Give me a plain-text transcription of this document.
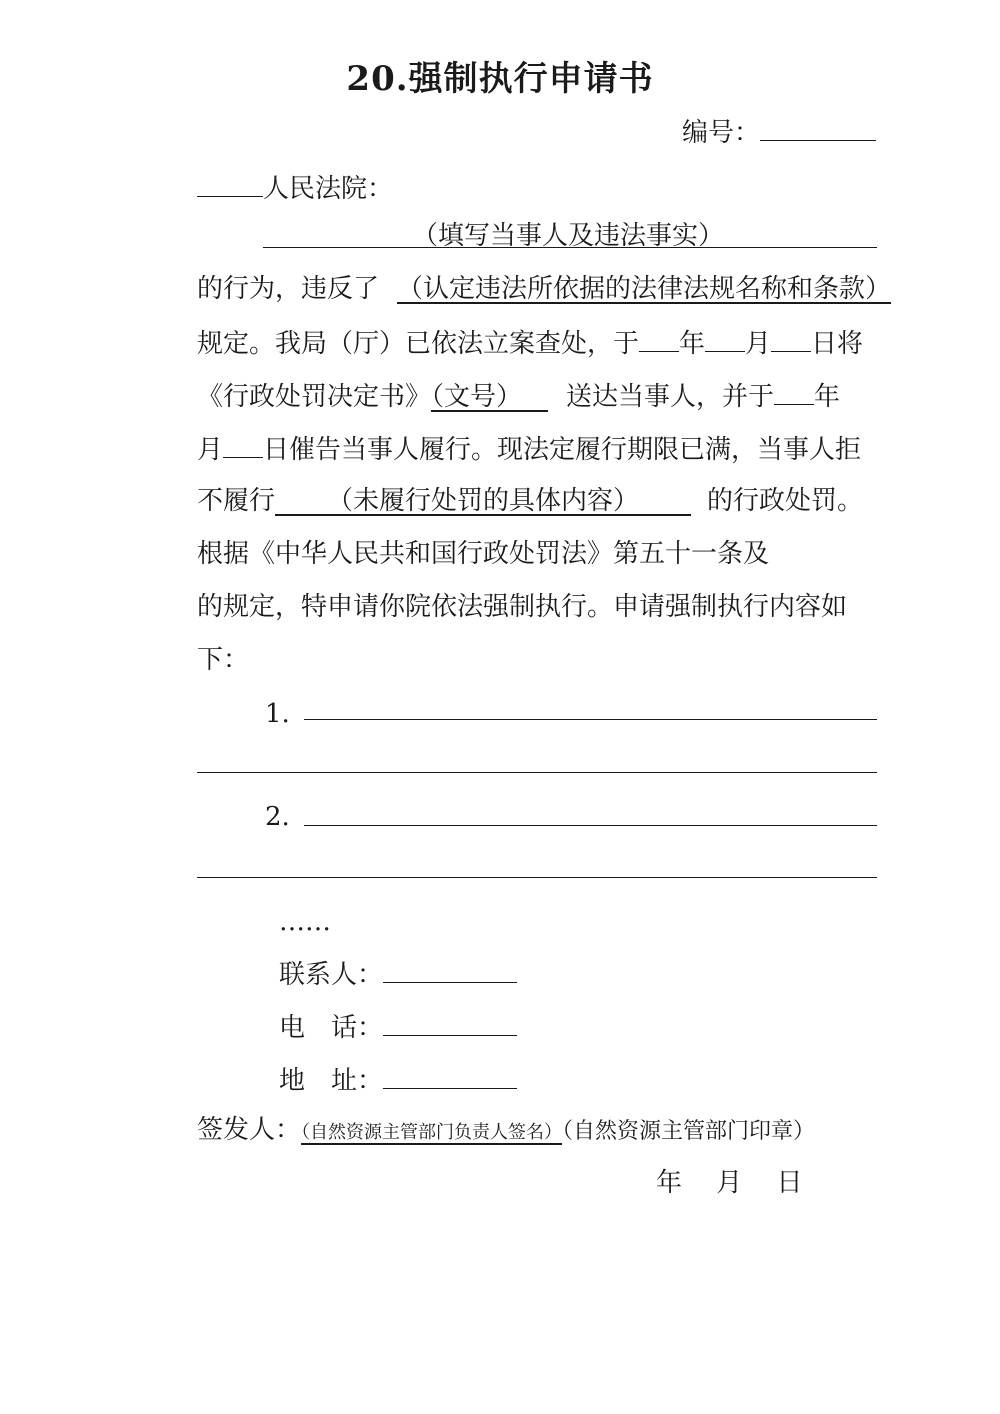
20.强制执行申请书
编号：
人民法院：
（填写当事人及违法事实）
的行为，违反了 （认定违法所依据的法律法规名称和条款）
规定。我局（厅）已依法立案查处，于 年 月 日将
《行政处罚决定书》（文号）   送达当事人，并于 年
月 日催告当事人履行。现法定履行期限已满，当事人拒
不履行     （未履行处罚的具体内容）    	的行政处罚。
根据《中华人民共和国行政处罚法》第五十一条及
的规定，特申请你院依法强制执行。申请强制执行内容如
下：
1.
2.
……
联系人：
电　话：
地　址：
签发人：（自然资源主管部门负责人签名）（自然资源主管部门印章）
年　 月　 日
